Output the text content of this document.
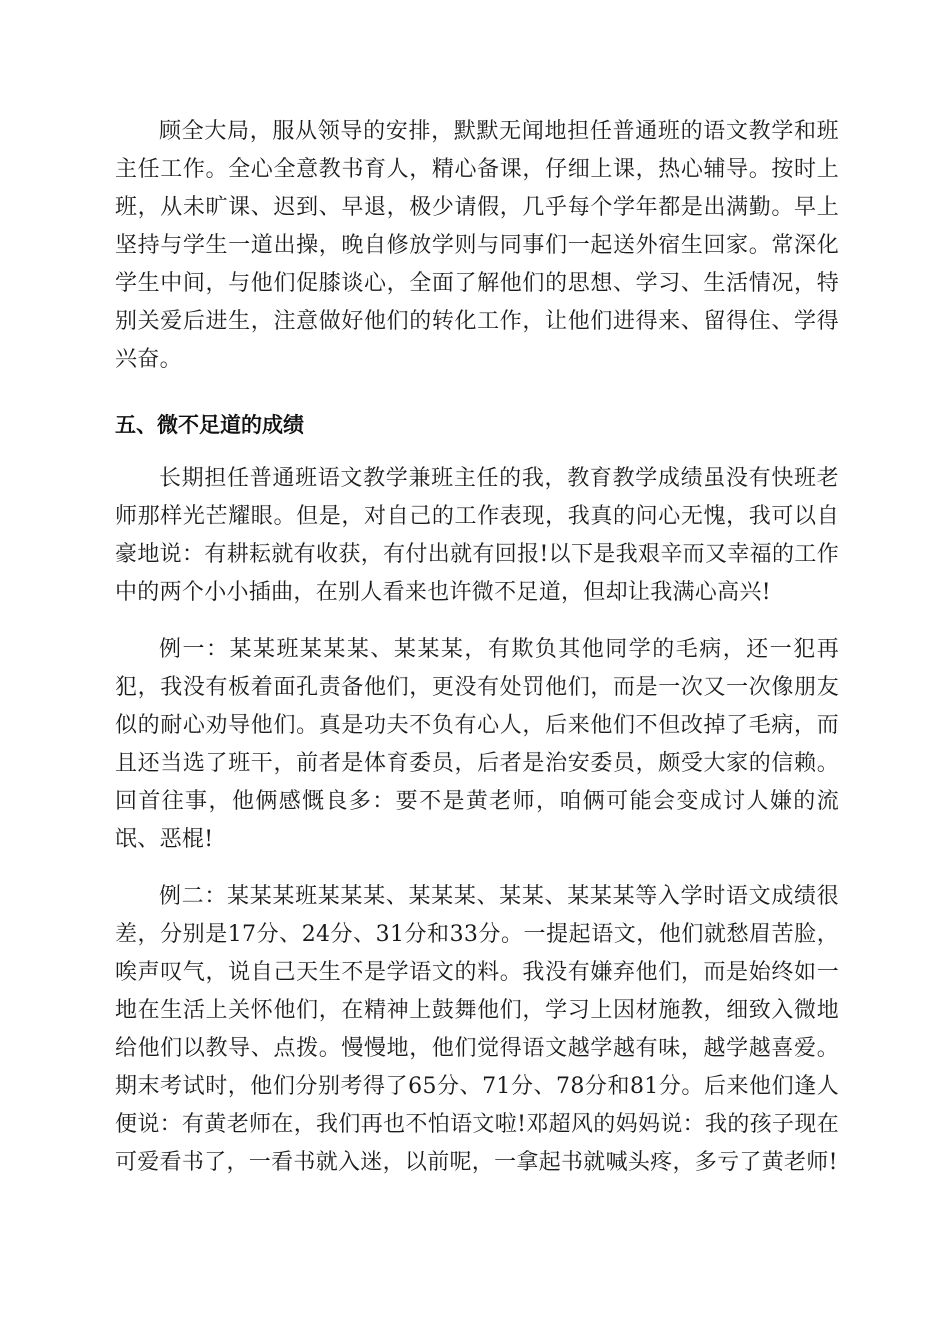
顾全大局，服从领导的安排，默默无闻地担任普通班的语文教学和班主任工作。全心全意教书育人，精心备课，仔细上课，热心辅导。按时上班，从未旷课、迟到、早退，极少请假，几乎每个学年都是出满勤。早上坚持与学生一道出操，晚自修放学则与同事们一起送外宿生回家。常深化学生中间，与他们促膝谈心，全面了解他们的思想、学习、生活情况，特别关爱后进生，注意做好他们的转化工作，让他们进得来、留得住、学得兴奋。

五、微不足道的成绩

长期担任普通班语文教学兼班主任的我，教育教学成绩虽没有快班老师那样光芒耀眼。但是，对自己的工作表现，我真的问心无愧，我可以自豪地说：有耕耘就有收获，有付出就有回报!以下是我艰辛而又幸福的工作中的两个小小插曲，在别人看来也许微不足道，但却让我满心高兴!

例一：某某班某某某、某某某，有欺负其他同学的毛病，还一犯再犯，我没有板着面孔责备他们，更没有处罚他们，而是一次又一次像朋友似的耐心劝导他们。真是功夫不负有心人，后来他们不但改掉了毛病，而且还当选了班干，前者是体育委员，后者是治安委员，颇受大家的信赖。回首往事，他俩感慨良多：要不是黄老师，咱俩可能会变成讨人嫌的流氓、恶棍!

例二：某某某班某某某、某某某、某某、某某某等入学时语文成绩很差，分别是17分、24分、31分和33分。一提起语文，他们就愁眉苦脸，唉声叹气，说自己天生不是学语文的料。我没有嫌弃他们，而是始终如一地在生活上关怀他们，在精神上鼓舞他们，学习上因材施教，细致入微地给他们以教导、点拨。慢慢地，他们觉得语文越学越有味，越学越喜爱。期末考试时，他们分别考得了65分、71分、78分和81分。后来他们逢人便说：有黄老师在，我们再也不怕语文啦!邓超风的妈妈说：我的孩子现在可爱看书了，一看书就入迷，以前呢，一拿起书就喊头疼，多亏了黄老师!
